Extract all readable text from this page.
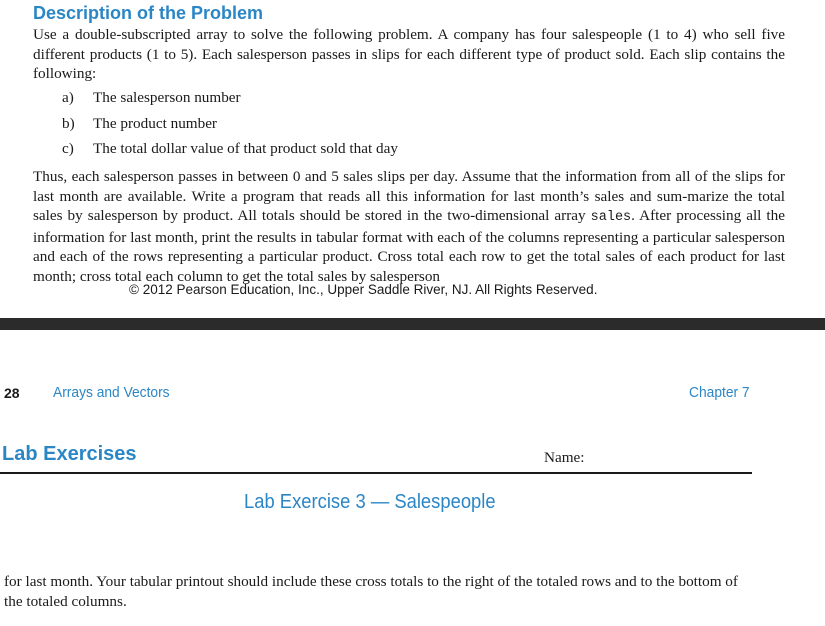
Description of the Problem

Use a double-subscripted array to solve the following problem. A company has four salespeople (1 to 4) who sell five different products (1 to 5). Each salesperson passes in slips for each different type of product sold. Each slip contains the following:

a) The salesperson number
b) The product number
c) The total dollar value of that product sold that day

Thus, each salesperson passes in between 0 and 5 sales slips per day. Assume that the information from all of the slips for last month are available. Write a program that reads all this information for last month’s sales and sum-marize the total sales by salesperson by product. All totals should be stored in the two-dimensional array sales. After processing all the information for last month, print the results in tabular format with each of the columns representing a particular salesperson and each of the rows representing a particular product. Cross total each row to get the total sales of each product for last month; cross total each column to get the total sales by salesperson

© 2012 Pearson Education, Inc., Upper Saddle River, NJ. All Rights Reserved.
28 Arrays and Vectors	Chapter 7
Lab Exercises	Name:
Lab Exercise 3 — Salespeople

for last month. Your tabular printout should include these cross totals to the right of the totaled rows and to the bottom of the totaled columns.
